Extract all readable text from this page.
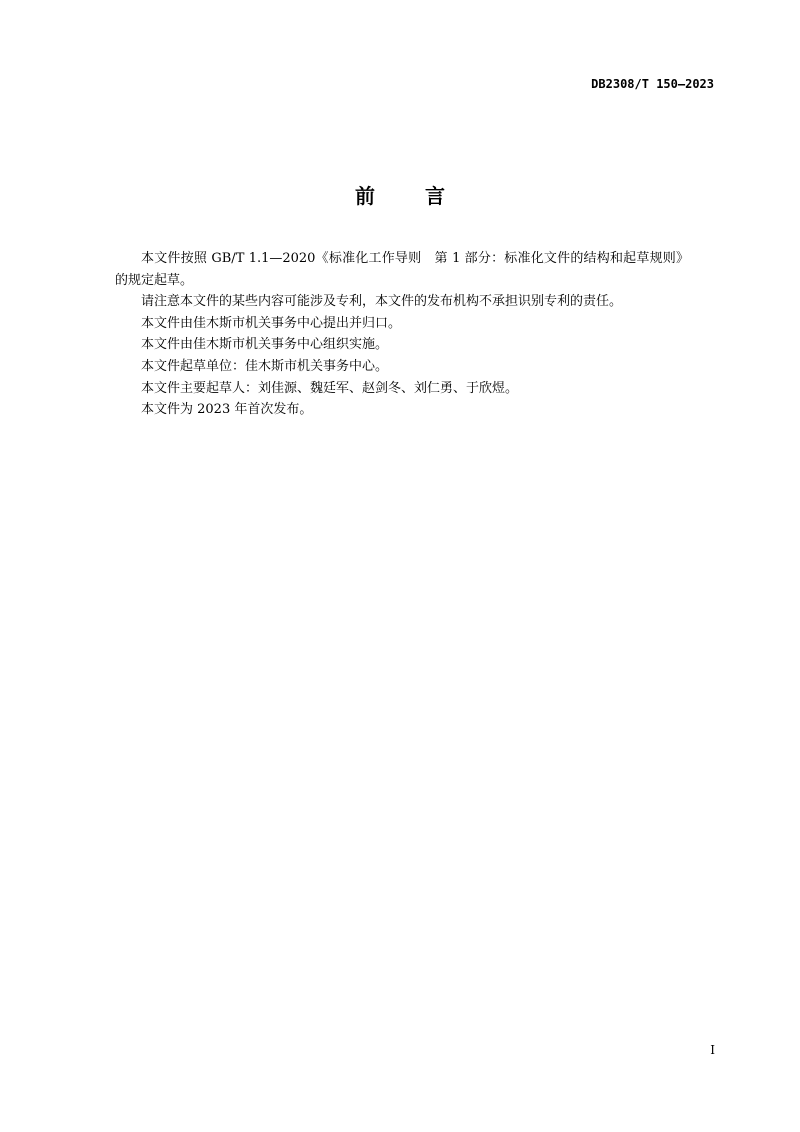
DB2308/T 150—2023
前	言

本文件按照 GB/T 1.1—2020《标准化工作导则　第 1 部分：标准化文件的结构和起草规则》的规定起草。

请注意本文件的某些内容可能涉及专利，本文件的发布机构不承担识别专利的责任。

本文件由佳木斯市机关事务中心提出并归口。

本文件由佳木斯市机关事务中心组织实施。

本文件起草单位：佳木斯市机关事务中心。

本文件主要起草人：刘佳源、魏廷军、赵剑冬、刘仁勇、于欣煜。

本文件为 2023 年首次发布。

I
